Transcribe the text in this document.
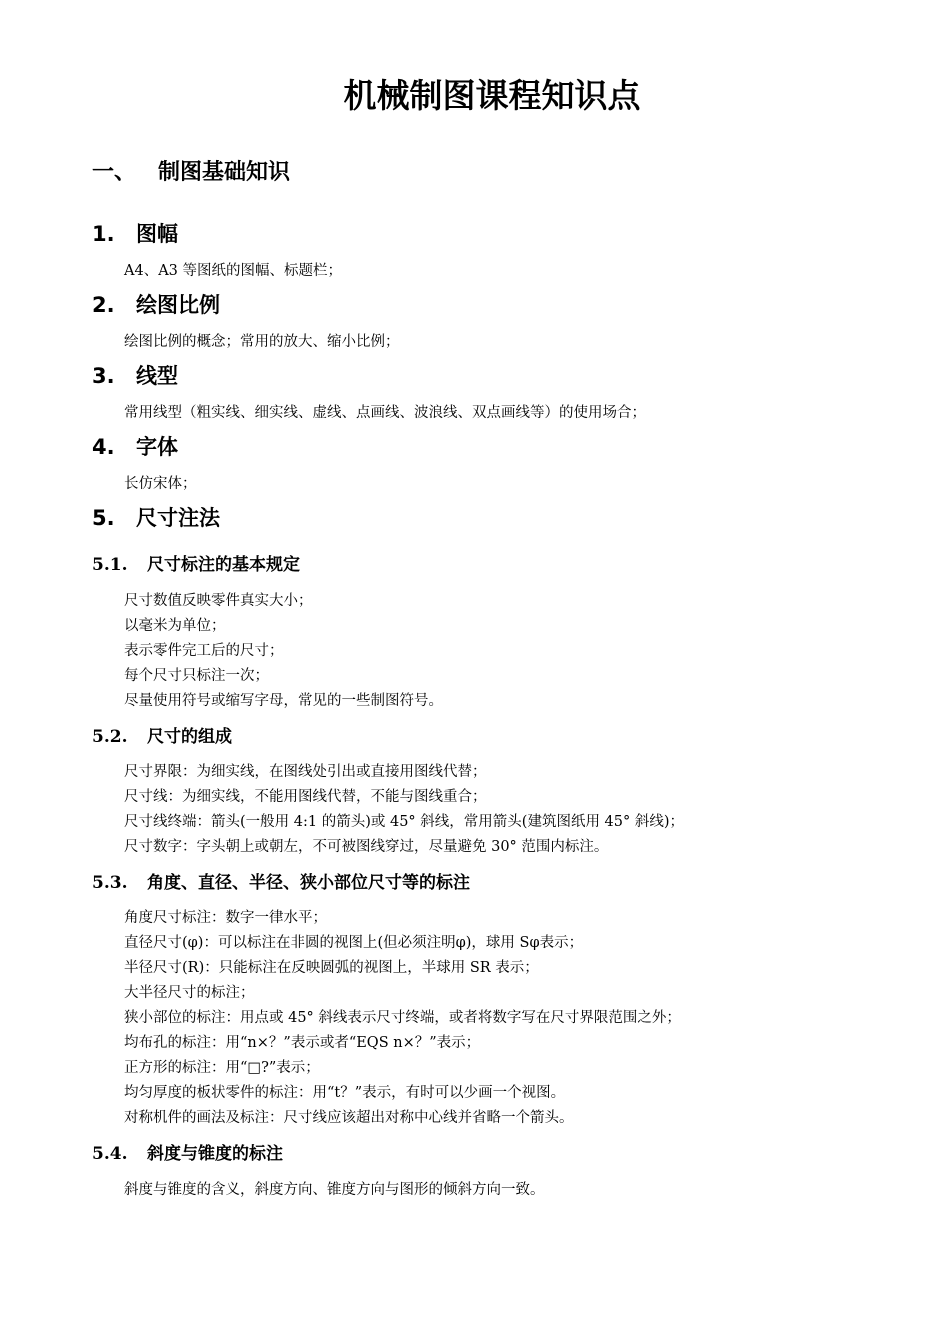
机械制图课程知识点
一、 制图基础知识
1. 图幅
A4、A3 等图纸的图幅、标题栏；
2. 绘图比例
绘图比例的概念；常用的放大、缩小比例；
3. 线型
常用线型（粗实线、细实线、虚线、点画线、波浪线、双点画线等）的使用场合；
4. 字体
长仿宋体；
5. 尺寸注法
5.1. 尺寸标注的基本规定
尺寸数值反映零件真实大小；
以毫米为单位；
表示零件完工后的尺寸；
每个尺寸只标注一次；
尽量使用符号或缩写字母，常见的一些制图符号。
5.2. 尺寸的组成
尺寸界限：为细实线，在图线处引出或直接用图线代替；
尺寸线：为细实线，不能用图线代替，不能与图线重合；
尺寸线终端：箭头(一般用 4:1 的箭头)或 45° 斜线，常用箭头(建筑图纸用 45° 斜线)；
尺寸数字：字头朝上或朝左，不可被图线穿过，尽量避免 30° 范围内标注。
5.3. 角度、直径、半径、狭小部位尺寸等的标注
角度尺寸标注：数字一律水平；
直径尺寸(φ)：可以标注在非圆的视图上(但必须注明φ)，球用 Sφ表示；
半径尺寸(R)：只能标注在反映圆弧的视图上，半球用 SR 表示；
大半径尺寸的标注；
狭小部位的标注：用点或 45° 斜线表示尺寸终端，或者将数字写在尺寸界限范围之外；
均布孔的标注：用“n×？”表示或者“EQS n×？”表示；
正方形的标注：用“□?”表示；
均匀厚度的板状零件的标注：用“t？”表示，有时可以少画一个视图。
对称机件的画法及标注：尺寸线应该超出对称中心线并省略一个箭头。
5.4. 斜度与锥度的标注
斜度与锥度的含义，斜度方向、锥度方向与图形的倾斜方向一致。
